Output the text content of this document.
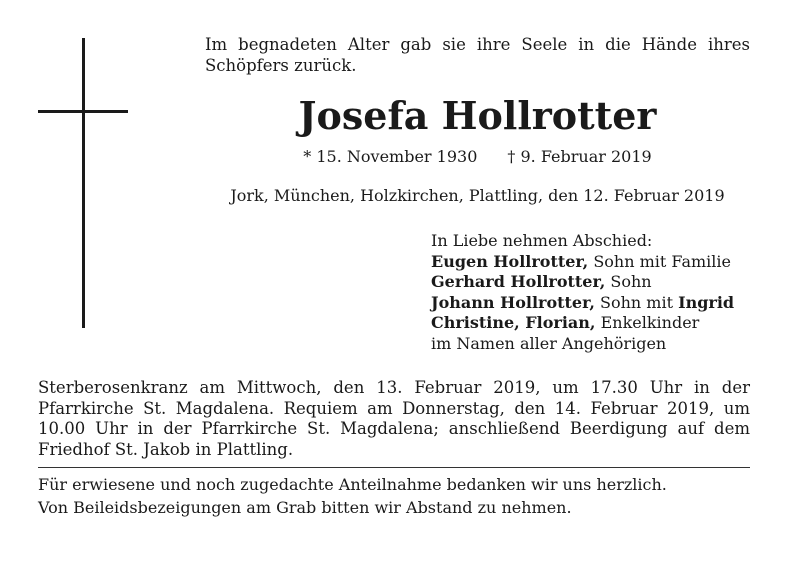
Im begnadeten Alter gab sie ihre Seele in die Hände ihres Schöpfers zurück.
Josefa Hollrotter
* 15. November 1930 † 9. Februar 2019
Jork, München, Holzkirchen, Plattling, den 12. Februar 2019
In Liebe nehmen Abschied:
Eugen Hollrotter, Sohn mit Familie
Gerhard Hollrotter, Sohn
Johann Hollrotter, Sohn mit Ingrid
Christine, Florian, Enkelkinder
im Namen aller Angehörigen
Sterberosenkranz am Mittwoch, den 13. Februar 2019, um 17.30 Uhr in der Pfarrkirche St. Magdalena. Requiem am Donnerstag, den 14. Februar 2019, um 10.00 Uhr in der Pfarrkirche St. Magdalena; anschließend Beerdigung auf dem Friedhof St. Jakob in Plattling.
Für erwiesene und noch zugedachte Anteilnahme bedanken wir uns herzlich.
Von Beileidsbezeigungen am Grab bitten wir Abstand zu nehmen.
